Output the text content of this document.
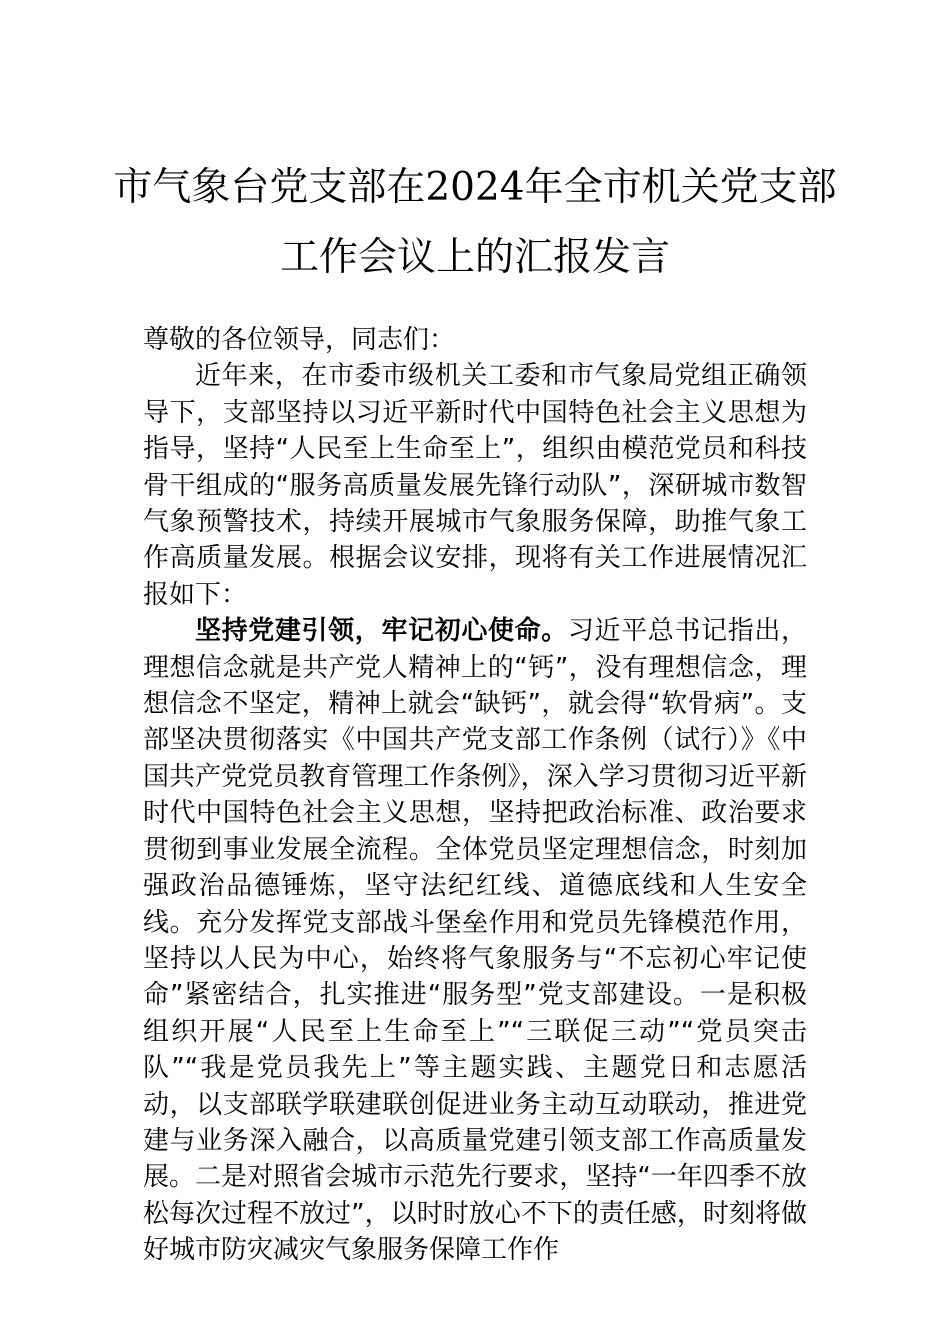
市气象台党支部在2024年全市机关党支部
工作会议上的汇报发言

尊敬的各位领导，同志们：

近年来，在市委市级机关工委和市气象局党组正确领导下，支部坚持以习近平新时代中国特色社会主义思想为指导，坚持“人民至上生命至上”，组织由模范党员和科技骨干组成的“服务高质量发展先锋行动队”，深研城市数智气象预警技术，持续开展城市气象服务保障，助推气象工作高质量发展。根据会议安排，现将有关工作进展情况汇报如下：

坚持党建引领，牢记初心使命。习近平总书记指出，理想信念就是共产党人精神上的“钙”，没有理想信念，理想信念不坚定，精神上就会“缺钙”，就会得“软骨病”。支部坚决贯彻落实《中国共产党支部工作条例（试行）》《中国共产党党员教育管理工作条例》，深入学习贯彻习近平新时代中国特色社会主义思想，坚持把政治标准、政治要求贯彻到事业发展全流程。全体党员坚定理想信念，时刻加强政治品德锤炼，坚守法纪红线、道德底线和人生安全线。充分发挥党支部战斗堡垒作用和党员先锋模范作用，坚持以人民为中心，始终将气象服务与“不忘初心牢记使命”紧密结合，扎实推进“服务型”党支部建设。一是积极组织开展“人民至上生命至上”“三联促三动”“党员突击队”“我是党员我先上”等主题实践、主题党日和志愿活动，以支部联学联建联创促进业务主动互动联动，推进党建与业务深入融合，以高质量党建引领支部工作高质量发展。二是对照省会城市示范先行要求，坚持“一年四季不放松每次过程不放过”，以时时放心不下的责任感，时刻将做好城市防灾减灾气象服务保障工作作
